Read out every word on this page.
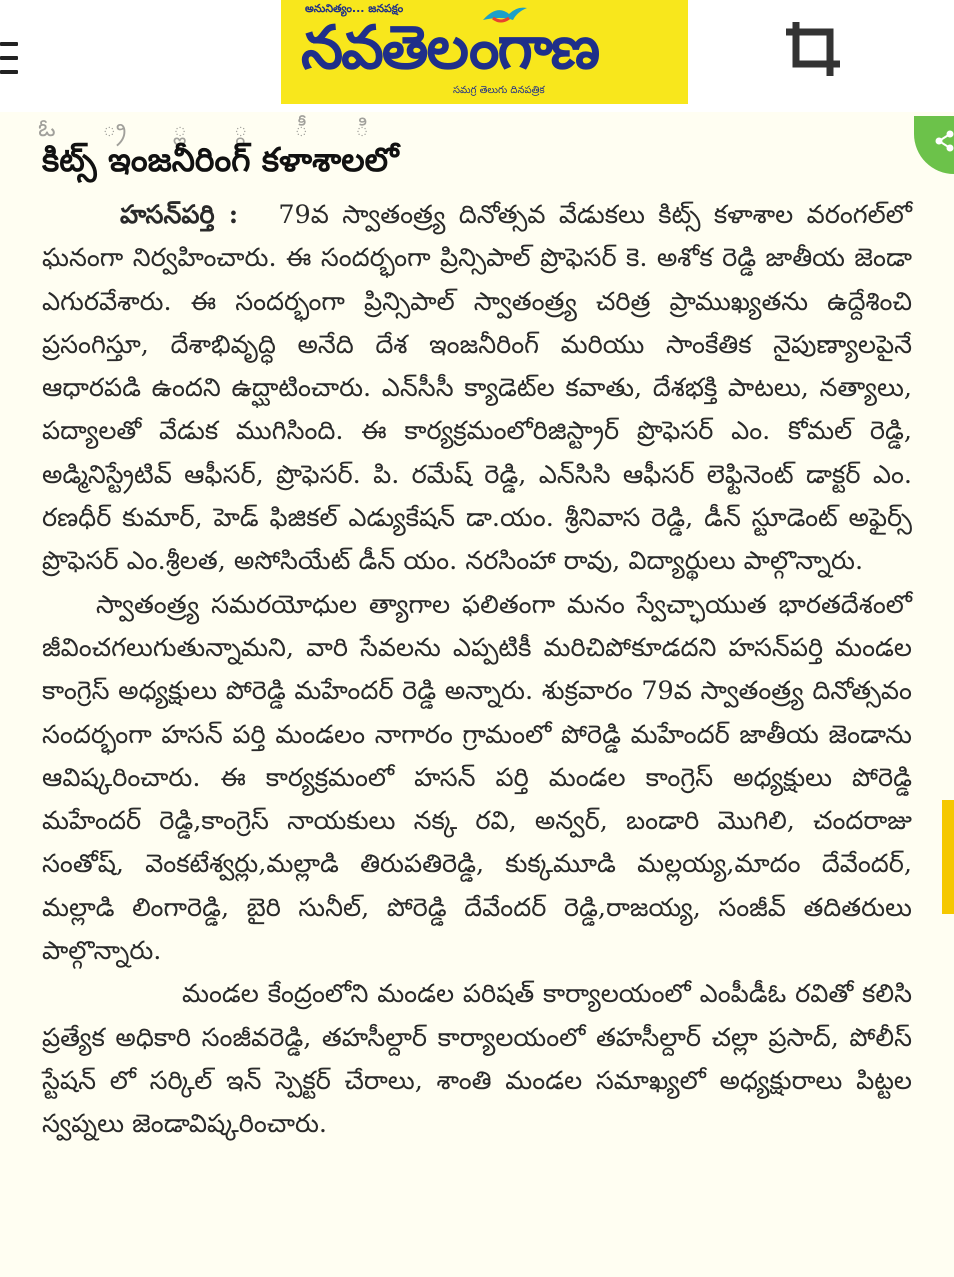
అనునిత్యం... జనపక్షం
నవతెలంగాణ
సమగ్ర తెలుగు దినపత్రిక
ఓ ్ర ్ల ్గ ీ ి
కిట్స్ ఇంజనీరింగ్ కళాశాలలో

హసన్‌పర్తి : 79వ స్వాతంత్ర్య దినోత్సవ వేడుకలు కిట్స్ కళాశాల వరంగల్‌లో ఘనంగా నిర్వహించారు. ఈ సందర్భంగా ప్రిన్సిపాల్ ప్రొఫెసర్ కె. అశోక రెడ్డి జాతీయ జెండా ఎగురవేశారు. ఈ సందర్భంగా ప్రిన్సిపాల్ స్వాతంత్ర్య చరిత్ర ప్రాముఖ్యతను ఉద్దేశించి ప్రసంగిస్తూ, దేశాభివృద్ధి అనేది దేశ ఇంజనీరింగ్ మరియు సాంకేతిక నైపుణ్యాలపైనే ఆధారపడి ఉందని ఉద్ఘాటించారు. ఎన్‌సీసీ క్యాడెట్‌ల కవాతు, దేశభక్తి పాటలు, నత్యాలు, పద్యాలతో వేడుక ముగిసింది. ఈ కార్యక్రమంలోరిజిస్ట్రార్ ప్రొఫెసర్ ఎం. కోమల్ రెడ్డి, అడ్మినిస్ట్రేటివ్ ఆఫీసర్, ప్రొఫెసర్. పి. రమేష్ రెడ్డి, ఎన్‌సిసి ఆఫీసర్ లెఫ్టినెంట్ డాక్టర్ ఎం. రణధీర్ కుమార్, హెడ్ ఫిజికల్ ఎడ్యుకేషన్ డా.యం. శ్రీనివాస రెడ్డి, డీన్ స్టూడెంట్ అఫైర్స్ ప్రొఫెసర్ ఎం.శ్రీలత, అసోసియేట్ డీన్ యం. నరసింహా రావు, విద్యార్థులు పాల్గొన్నారు.

స్వాతంత్ర్య సమరయోధుల త్యాగాల ఫలితంగా మనం స్వేచ్ఛాయుత భారతదేశంలో జీవించగలుగుతున్నామని, వారి సేవలను ఎప్పటికీ మరిచిపోకూడదని హసన్‌పర్తి మండల కాంగ్రెస్ అధ్యక్షులు పోరెడ్డి మహేందర్ రెడ్డి అన్నారు. శుక్రవారం 79వ స్వాతంత్ర్య దినోత్సవం సందర్భంగా హసన్ పర్తి మండలం నాగారం గ్రామంలో పోరెడ్డి మహేందర్ జాతీయ జెండాను ఆవిష్కరించారు. ఈ కార్యక్రమంలో హసన్ పర్తి మండల కాంగ్రెస్ అధ్యక్షులు పోరెడ్డి మహేందర్ రెడ్డి,కాంగ్రెస్ నాయకులు నక్క రవి, అన్వర్, బండారి మొగిలి, చందరాజు సంతోష్, వెంకటేశ్వర్లు,మల్లాడి తిరుపతిరెడ్డి, కుక్కమూడి మల్లయ్య,మాదం దేవేందర్, మల్లాడి లింగారెడ్డి, బైరి సునీల్, పోరెడ్డి దేవేందర్ రెడ్డి,రాజయ్య, సంజీవ్ తదితరులు పాల్గొన్నారు.

మండల కేంద్రంలోని మండల పరిషత్ కార్యాలయంలో ఎంపీడీఓ రవితో కలిసి ప్రత్యేక అధికారి సంజీవరెడ్డి, తహసీల్దార్ కార్యాలయంలో తహసీల్దార్ చల్లా ప్రసాద్, పోలీస్ స్టేషన్ లో సర్కిల్ ఇన్ స్పెక్టర్ చేరాలు, శాంతి మండల సమాఖ్యలో అధ్యక్షురాలు పిట్టల స్వప్నలు జెండావిష్కరించారు.
